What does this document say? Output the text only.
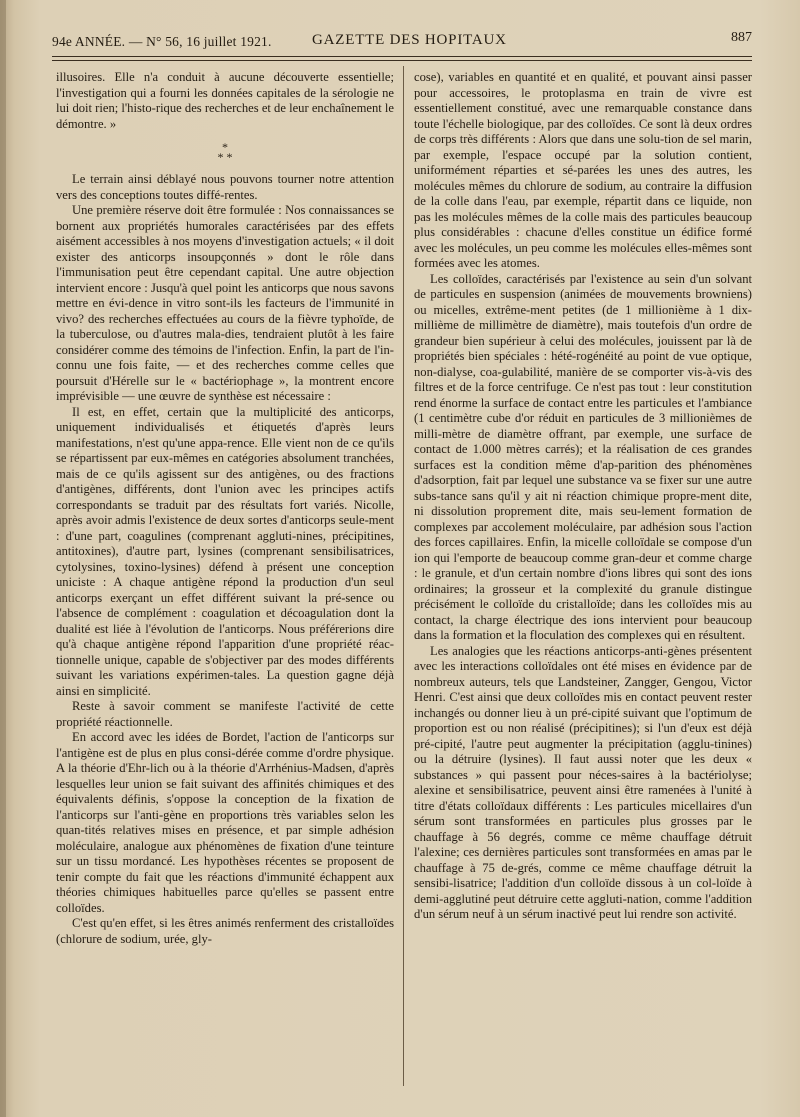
94e ANNÉE. — N° 56, 16 juillet 1921.	GAZETTE DES HOPITAUX	887

illusoires. Elle n'a conduit à aucune découverte essentielle; l'investigation qui a fourni les données capitales de la sérologie ne lui doit rien; l'histo-rique des recherches et de leur enchaînement le démontre. »

*
* *

Le terrain ainsi déblayé nous pouvons tourner notre attention vers des conceptions toutes diffé-rentes.

Une première réserve doit être formulée : Nos connaissances se bornent aux propriétés humorales caractérisées par des effets aisément accessibles à nos moyens d'investigation actuels; « il doit exister des anticorps insoupçonnés » dont le rôle dans l'immunisation peut être cependant capital. Une autre objection intervient encore : Jusqu'à quel point les anticorps que nous savons mettre en évi-dence in vitro sont-ils les facteurs de l'immunité in vivo? des recherches effectuées au cours de la fièvre typhoïde, de la tuberculose, ou d'autres mala-dies, tendraient plutôt à les faire considérer comme des témoins de l'infection. Enfin, la part de l'in-connu une fois faite, — et des recherches comme celles que poursuit d'Hérelle sur le « bactériophage », la montrent encore imprévisible — une œuvre de synthèse est nécessaire :

Il est, en effet, certain que la multiplicité des anticorps, uniquement individualisés et étiquetés d'après leurs manifestations, n'est qu'une appa-rence. Elle vient non de ce qu'ils se répartissent par eux-mêmes en catégories absolument tranchées, mais de ce qu'ils agissent sur des antigènes, ou des fractions d'antigènes, différents, dont l'union avec les principes actifs correspondants se traduit par des résultats fort variés. Nicolle, après avoir admis l'existence de deux sortes d'anticorps seule-ment : d'une part, coagulines (comprenant aggluti-nines, précipitines, antitoxines), d'autre part, lysines (comprenant sensibilisatrices, cytolysines, toxino-lysines) défend à présent une conception uniciste : A chaque antigène répond la production d'un seul anticorps exerçant un effet différent suivant la pré-sence ou l'absence de complément : coagulation et décoagulation dont la dualité est liée à l'évolution de l'anticorps. Nous préférerions dire qu'à chaque antigène répond l'apparition d'une propriété réac-tionnelle unique, capable de s'objectiver par des modes différents suivant les variations expérimen-tales. La question gagne déjà ainsi en simplicité.

Reste à savoir comment se manifeste l'activité de cette propriété réactionnelle.

En accord avec les idées de Bordet, l'action de l'anticorps sur l'antigène est de plus en plus consi-dérée comme d'ordre physique. A la théorie d'Ehr-lich ou à la théorie d'Arrhénius-Madsen, d'après lesquelles leur union se fait suivant des affinités chimiques et des équivalents définis, s'oppose la conception de la fixation de l'anticorps sur l'anti-gène en proportions très variables selon les quan-tités relatives mises en présence, et par simple adhésion moléculaire, analogue aux phénomènes de fixation d'une teinture sur un tissu mordancé. Les hypothèses récentes se proposent de tenir compte du fait que les réactions d'immunité échappent aux théories chimiques habituelles parce qu'elles se passent entre colloïdes.

C'est qu'en effet, si les êtres animés renferment des cristalloïdes (chlorure de sodium, urée, gly-

cose), variables en quantité et en qualité, et pouvant ainsi passer pour accessoires, le protoplasma en train de vivre est essentiellement constitué, avec une remarquable constance dans toute l'échelle biologique, par des colloïdes. Ce sont là deux ordres de corps très différents : Alors que dans une solu-tion de sel marin, par exemple, l'espace occupé par la solution contient, uniformément réparties et sé-parées les unes des autres, les molécules mêmes du chlorure de sodium, au contraire la diffusion de la colle dans l'eau, par exemple, répartit dans ce liquide, non pas les molécules mêmes de la colle mais des particules beaucoup plus considérables : chacune d'elles constitue un édifice formé avec les molécules, un peu comme les molécules elles-mêmes sont formées avec les atomes.

Les colloïdes, caractérisés par l'existence au sein d'un solvant de particules en suspension (animées de mouvements browniens) ou micelles, extrême-ment petites (de 1 millionième à 1 dix-millième de millimètre de diamètre), mais toutefois d'un ordre de grandeur bien supérieur à celui des molécules, jouissent par là de propriétés bien spéciales : hété-rogénéité au point de vue optique, non-dialyse, coa-gulabilité, manière de se comporter vis-à-vis des filtres et de la force centrifuge. Ce n'est pas tout : leur constitution rend énorme la surface de contact entre les particules et l'ambiance (1 centimètre cube d'or réduit en particules de 3 millionièmes de milli-mètre de diamètre offrant, par exemple, une surface de contact de 1.000 mètres carrés); et la réalisation de ces grandes surfaces est la condition même d'ap-parition des phénomènes d'adsorption, fait par lequel une substance va se fixer sur une autre subs-tance sans qu'il y ait ni réaction chimique propre-ment dite, ni dissolution proprement dite, mais seu-lement formation de complexes par accolement moléculaire, par adhésion sous l'action des forces capillaires. Enfin, la micelle colloïdale se compose d'un ion qui l'emporte de beaucoup comme gran-deur et comme charge : le granule, et d'un certain nombre d'ions libres qui sont des ions ordinaires; la grosseur et la complexité du granule distingue précisément le colloïde du cristalloïde; dans les colloïdes mis au contact, la charge électrique des ions intervient pour beaucoup dans la formation et la floculation des complexes qui en résultent.

Les analogies que les réactions anticorps-anti-gènes présentent avec les interactions colloïdales ont été mises en évidence par de nombreux auteurs, tels que Landsteiner, Zangger, Gengou, Victor Henri. C'est ainsi que deux colloïdes mis en contact peuvent rester inchangés ou donner lieu à un pré-cipité suivant que l'optimum de proportion est ou non réalisé (précipitines); si l'un d'eux est déjà pré-cipité, l'autre peut augmenter la précipitation (agglu-tinines) ou la détruire (lysines). Il faut aussi noter que les deux « substances » qui passent pour néces-saires à la bactériolyse; alexine et sensibilisatrice, peuvent ainsi être ramenées à l'unité à titre d'états colloïdaux différents : Les particules micellaires d'un sérum sont transformées en particules plus grosses par le chauffage à 56 degrés, comme ce même chauffage détruit l'alexine; ces dernières particules sont transformées en amas par le chauffage à 75 de-grés, comme ce même chauffage détruit la sensibi-lisatrice; l'addition d'un colloïde dissous à un col-loïde à demi-agglutiné peut détruire cette aggluti-nation, comme l'addition d'un sérum neuf à un sérum inactivé peut lui rendre son activité.
